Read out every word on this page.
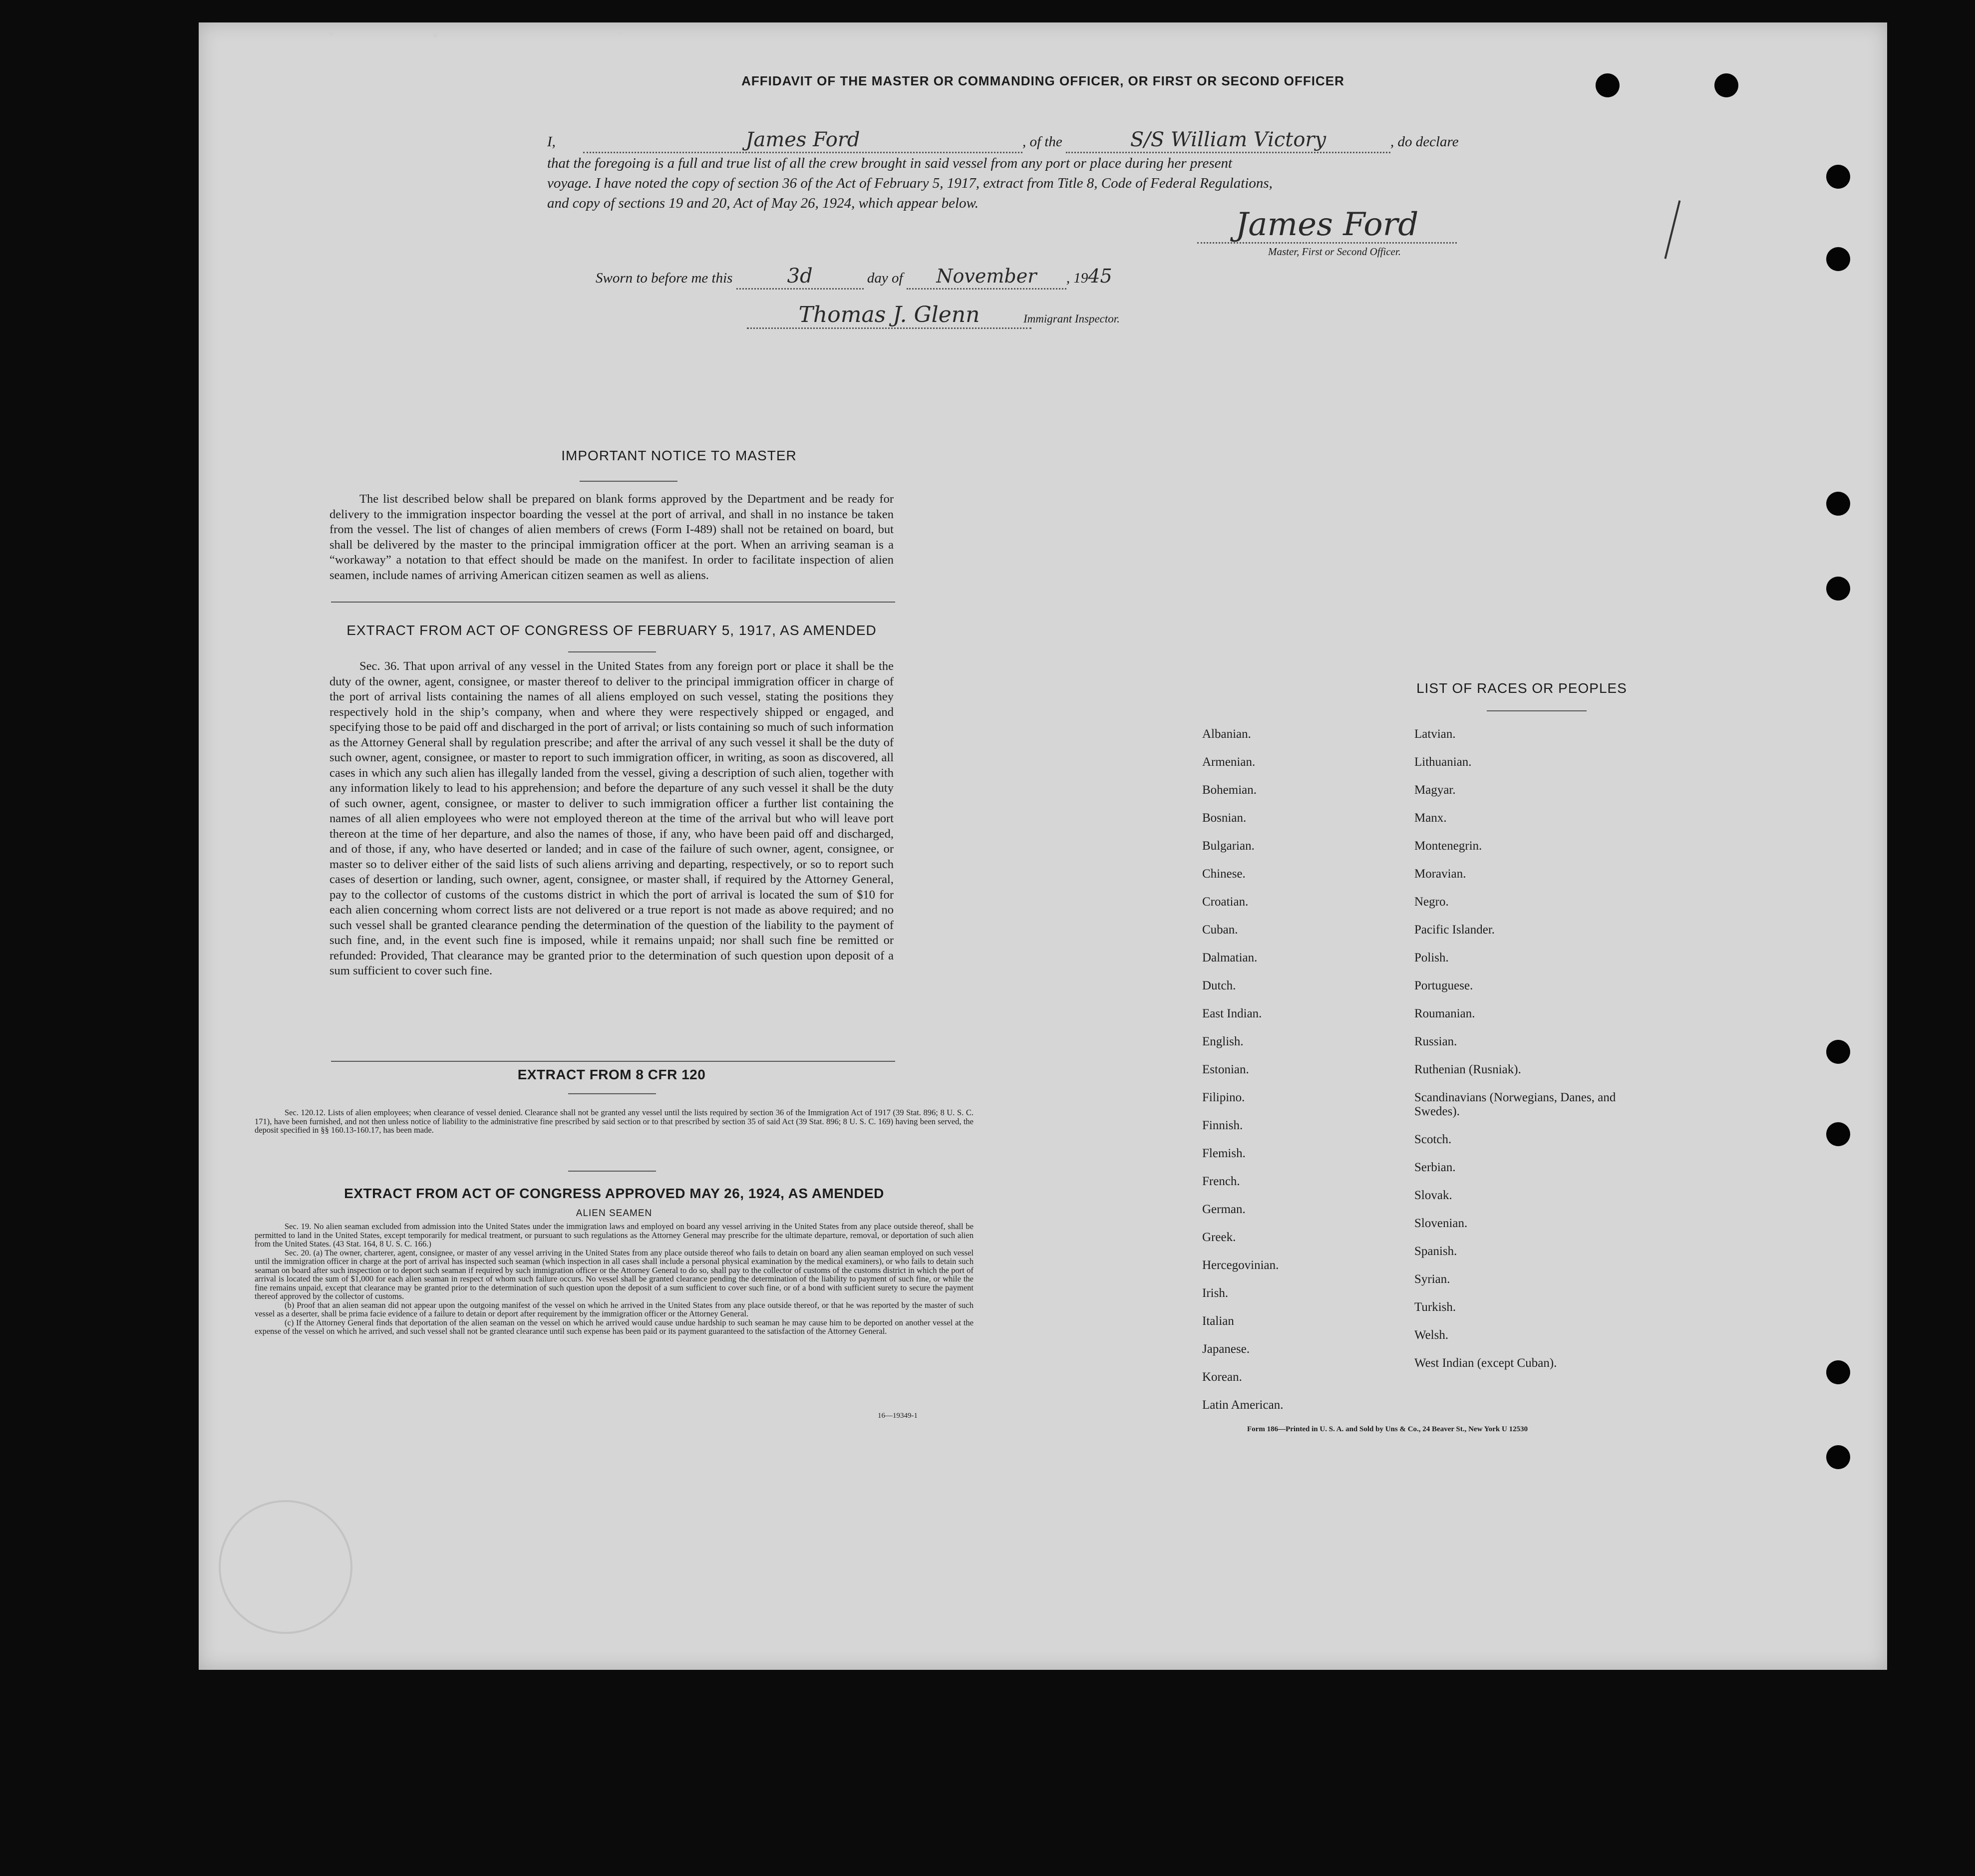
AFFIDAVIT OF THE MASTER OR COMMANDING OFFICER, OR FIRST OR SECOND OFFICER
I,	James Ford	, of the	S/S William Victory	, do declare
that the foregoing is a full and true list of all the crew brought in said vessel from any port or place during her present
voyage. I have noted the copy of section 36 of the Act of February 5, 1917, extract from Title 8, Code of Federal Regulations,
and copy of sections 19 and 20, Act of May 26, 1924, which appear below.
James Ford
Master, First or Second Officer.
Sworn to before me this	3d	day of November , 1945
Thomas J. Glenn	Immigrant Inspector.
IMPORTANT NOTICE TO MASTER
The list described below shall be prepared on blank forms approved by the Department and be ready for delivery to the immigration inspector boarding the vessel at the port of arrival, and shall in no instance be taken from the vessel. The list of changes of alien members of crews (Form I-489) shall not be retained on board, but shall be delivered by the master to the principal immigration officer at the port. When an arriving seaman is a “workaway” a notation to that effect should be made on the manifest. In order to facilitate inspection of alien seamen, include names of arriving American citizen seamen as well as aliens.
EXTRACT FROM ACT OF CONGRESS OF FEBRUARY 5, 1917, AS AMENDED
Sec. 36. That upon arrival of any vessel in the United States from any foreign port or place it shall be the duty of the owner, agent, consignee, or master thereof to deliver to the principal immigration officer in charge of the port of arrival lists containing the names of all aliens employed on such vessel, stating the positions they respectively hold in the ship’s company, when and where they were respectively shipped or engaged, and specifying those to be paid off and discharged in the port of arrival; or lists containing so much of such information as the Attorney General shall by regulation prescribe; and after the arrival of any such vessel it shall be the duty of such owner, agent, consignee, or master to report to such immigration officer, in writing, as soon as discovered, all cases in which any such alien has illegally landed from the vessel, giving a description of such alien, together with any information likely to lead to his apprehension; and before the departure of any such vessel it shall be the duty of such owner, agent, consignee, or master to deliver to such immigration officer a further list containing the names of all alien employees who were not employed thereon at the time of the arrival but who will leave port thereon at the time of her departure, and also the names of those, if any, who have been paid off and discharged, and of those, if any, who have deserted or landed; and in case of the failure of such owner, agent, consignee, or master so to deliver either of the said lists of such aliens arriving and departing, respectively, or so to report such cases of desertion or landing, such owner, agent, consignee, or master shall, if required by the Attorney General, pay to the collector of customs of the customs district in which the port of arrival is located the sum of $10 for each alien concerning whom correct lists are not delivered or a true report is not made as above required; and no such vessel shall be granted clearance pending the determination of the question of the liability to the payment of such fine, and, in the event such fine is imposed, while it remains unpaid; nor shall such fine be remitted or refunded: Provided, That clearance may be granted prior to the determination of such question upon deposit of a sum sufficient to cover such fine.
EXTRACT FROM 8 CFR 120
Sec. 120.12. Lists of alien employees; when clearance of vessel denied. Clearance shall not be granted any vessel until the lists required by section 36 of the Immigration Act of 1917 (39 Stat. 896; 8 U. S. C. 171), have been furnished, and not then unless notice of liability to the administrative fine prescribed by said section or to that prescribed by section 35 of said Act (39 Stat. 896; 8 U. S. C. 169) having been served, the deposit specified in §§ 160.13-160.17, has been made.
EXTRACT FROM ACT OF CONGRESS APPROVED MAY 26, 1924, AS AMENDED
ALIEN SEAMEN
Sec. 19. No alien seaman excluded from admission into the United States under the immigration laws and employed on board any vessel arriving in the United States from any place outside thereof, shall be permitted to land in the United States, except temporarily for medical treatment, or pursuant to such regulations as the Attorney General may prescribe for the ultimate departure, removal, or deportation of such alien from the United States. (43 Stat. 164, 8 U. S. C. 166.)
Sec. 20. (a) The owner, charterer, agent, consignee, or master of any vessel arriving in the United States from any place outside thereof who fails to detain on board any alien seaman employed on such vessel until the immigration officer in charge at the port of arrival has inspected such seaman (which inspection in all cases shall include a personal physical examination by the medical examiners), or who fails to detain such seaman on board after such inspection or to deport such seaman if required by such immigration officer or the Attorney General to do so, shall pay to the collector of customs of the customs district in which the port of arrival is located the sum of $1,000 for each alien seaman in respect of whom such failure occurs. No vessel shall be granted clearance pending the determination of the liability to payment of such fine, or while the fine remains unpaid, except that clearance may be granted prior to the determination of such question upon the deposit of a sum sufficient to cover such fine, or of a bond with sufficient surety to secure the payment thereof approved by the collector of customs.
(b) Proof that an alien seaman did not appear upon the outgoing manifest of the vessel on which he arrived in the United States from any place outside thereof, or that he was reported by the master of such vessel as a deserter, shall be prima facie evidence of a failure to detain or deport after requirement by the immigration officer or the Attorney General.
(c) If the Attorney General finds that deportation of the alien seaman on the vessel on which he arrived would cause undue hardship to such seaman he may cause him to be deported on another vessel at the expense of the vessel on which he arrived, and such vessel shall not be granted clearance until such expense has been paid or its payment guaranteed to the satisfaction of the Attorney General.
16—19349-1
LIST OF RACES OR PEOPLES
Albanian.
Armenian.
Bohemian.
Bosnian.
Bulgarian.
Chinese.
Croatian.
Cuban.
Dalmatian.
Dutch.
East Indian.
English.
Estonian.
Filipino.
Finnish.
Flemish.
French.
German.
Greek.
Hercegovinian.
Irish.
Italian
Japanese.
Korean.
Latin American.
Latvian.
Lithuanian.
Magyar.
Manx.
Montenegrin.
Moravian.
Negro.
Pacific Islander.
Polish.
Portuguese.
Roumanian.
Russian.
Ruthenian (Rusniak).
Scandinavians (Norwegians, Danes, and Swedes).
Scotch.
Serbian.
Slovak.
Slovenian.
Spanish.
Syrian.
Turkish.
Welsh.
West Indian (except Cuban).
Form 186—Printed in U. S. A. and Sold by Uns & Co., 24 Beaver St., New York U 12530
